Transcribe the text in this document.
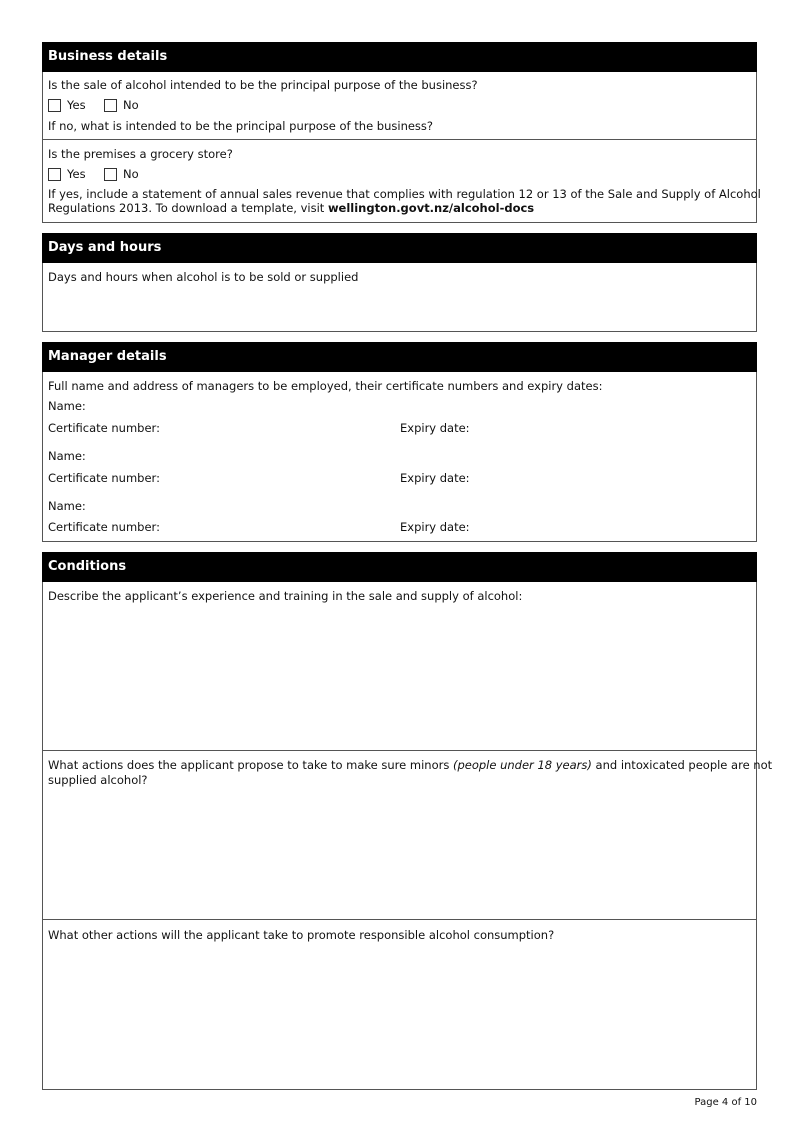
Business details
Is the sale of alcohol intended to be the principal purpose of the business?
Yes	No
If no, what is intended to be the principal purpose of the business?
Is the premises a grocery store?
Yes	No
If yes, include a statement of annual sales revenue that complies with regulation 12 or 13 of the Sale and Supply of Alcohol
Regulations 2013. To download a template, visit wellington.govt.nz/alcohol-docs
Days and hours
Days and hours when alcohol is to be sold or supplied
Manager details
Full name and address of managers to be employed, their certificate numbers and expiry dates:
Name:
Certificate number:	Expiry date:
Name:
Certificate number:	Expiry date:
Name:
Certificate number:	Expiry date:
Conditions
Describe the applicant’s experience and training in the sale and supply of alcohol:
What actions does the applicant propose to take to make sure minors (people under 18 years) and intoxicated people are not
supplied alcohol?
What other actions will the applicant take to promote responsible alcohol consumption?
Page 4 of 10
